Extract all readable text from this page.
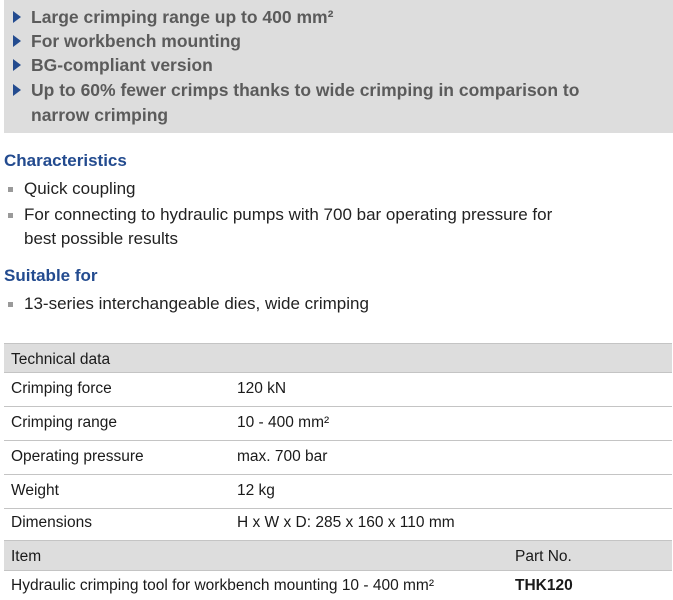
Large crimping range up to 400 mm²
For workbench mounting
BG-compliant version
Up to 60% fewer crimps thanks to wide crimping in comparison to
narrow crimping
Characteristics
Quick coupling
For connecting to hydraulic pumps with 700 bar operating pressure for
best possible results
Suitable for
13-series interchangeable dies, wide crimping
Technical data
Crimping force	120 kN
Crimping range	10 - 400 mm²
Operating pressure	max. 700 bar
Weight	12 kg
Dimensions	H x W x D: 285 x 160 x 110 mm
Item	Part No.
Hydraulic crimping tool for workbench mounting 10 - 400 mm²	THK120
